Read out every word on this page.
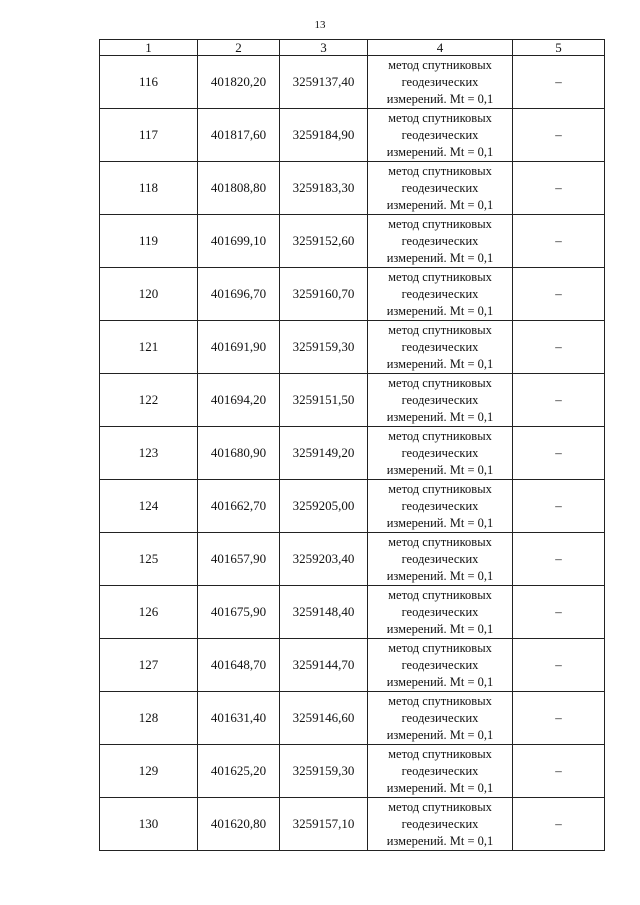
13
1	2	3	4	5
116	401820,20	3259137,40	метод спутниковых
геодезических
измерений. Mt = 0,1	–
117	401817,60	3259184,90	метод спутниковых
геодезических
измерений. Mt = 0,1	–
118	401808,80	3259183,30	метод спутниковых
геодезических
измерений. Mt = 0,1	–
119	401699,10	3259152,60	метод спутниковых
геодезических
измерений. Mt = 0,1	–
120	401696,70	3259160,70	метод спутниковых
геодезических
измерений. Mt = 0,1	–
121	401691,90	3259159,30	метод спутниковых
геодезических
измерений. Mt = 0,1	–
122	401694,20	3259151,50	метод спутниковых
геодезических
измерений. Mt = 0,1	–
123	401680,90	3259149,20	метод спутниковых
геодезических
измерений. Mt = 0,1	–
124	401662,70	3259205,00	метод спутниковых
геодезических
измерений. Mt = 0,1	–
125	401657,90	3259203,40	метод спутниковых
геодезических
измерений. Mt = 0,1	–
126	401675,90	3259148,40	метод спутниковых
геодезических
измерений. Mt = 0,1	–
127	401648,70	3259144,70	метод спутниковых
геодезических
измерений. Mt = 0,1	–
128	401631,40	3259146,60	метод спутниковых
геодезических
измерений. Mt = 0,1	–
129	401625,20	3259159,30	метод спутниковых
геодезических
измерений. Mt = 0,1	–
130	401620,80	3259157,10	метод спутниковых
геодезических
измерений. Mt = 0,1	–
